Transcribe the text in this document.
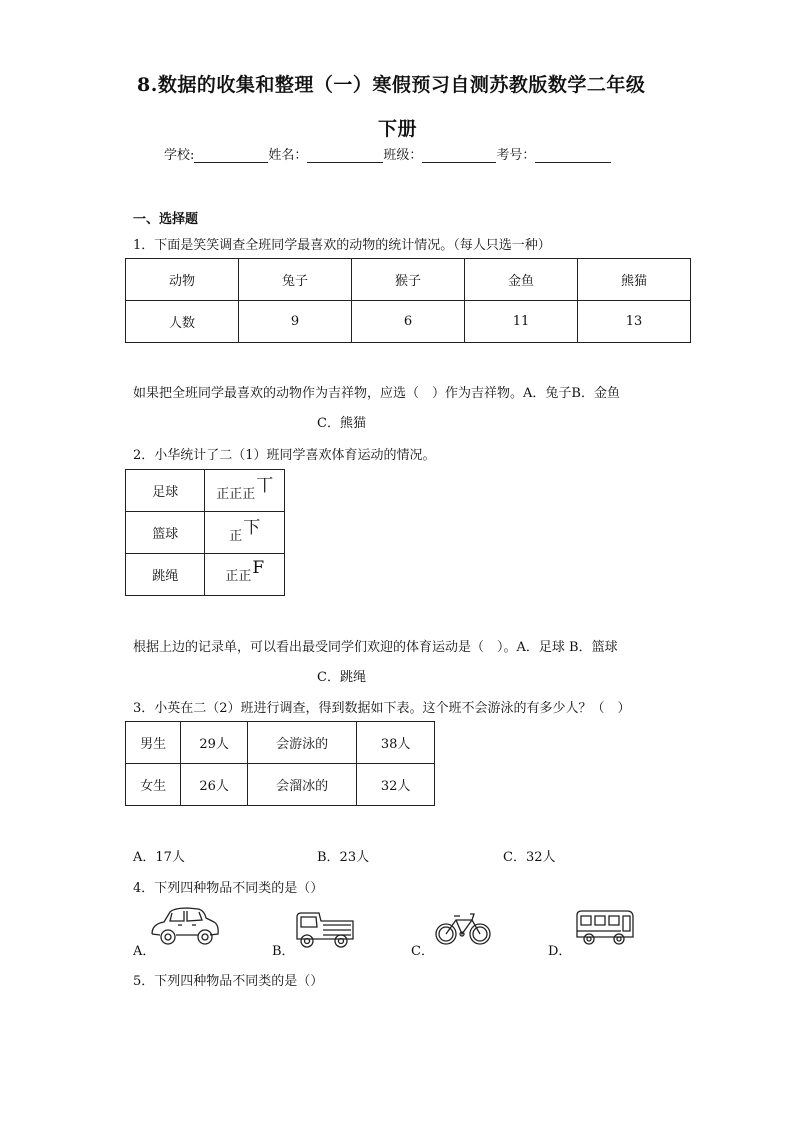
8.数据的收集和整理（一）寒假预习自测苏教版数学二年级
下册
学校:	姓名：	班级：	考号：
一、选择题
1．下面是笑笑调查全班同学最喜欢的动物的统计情况。（每人只选一种）
动物	兔子	猴子	金鱼	熊猫
人数	9	6	11	13
如果把全班同学最喜欢的动物作为吉祥物，应选（　）作为吉祥物。A．兔子B．金鱼
C．熊猫
2．小华统计了二（1）班同学喜欢体育运动的情况。
足球	正正正丅
篮球	正下
跳绳	正正F
根据上边的记录单，可以看出最受同学们欢迎的体育运动是（　）。A．足球 B．篮球
C．跳绳
3．小英在二（2）班进行调查，得到数据如下表。这个班不会游泳的有多少人？（　）
男生	29人	会游泳的	38人
女生	26人	会溜冰的	32人
A．17人	B．23人	C．32人
4．下列四种物品不同类的是（）
A．	B．	C．	D．
5．下列四种物品不同类的是（）
